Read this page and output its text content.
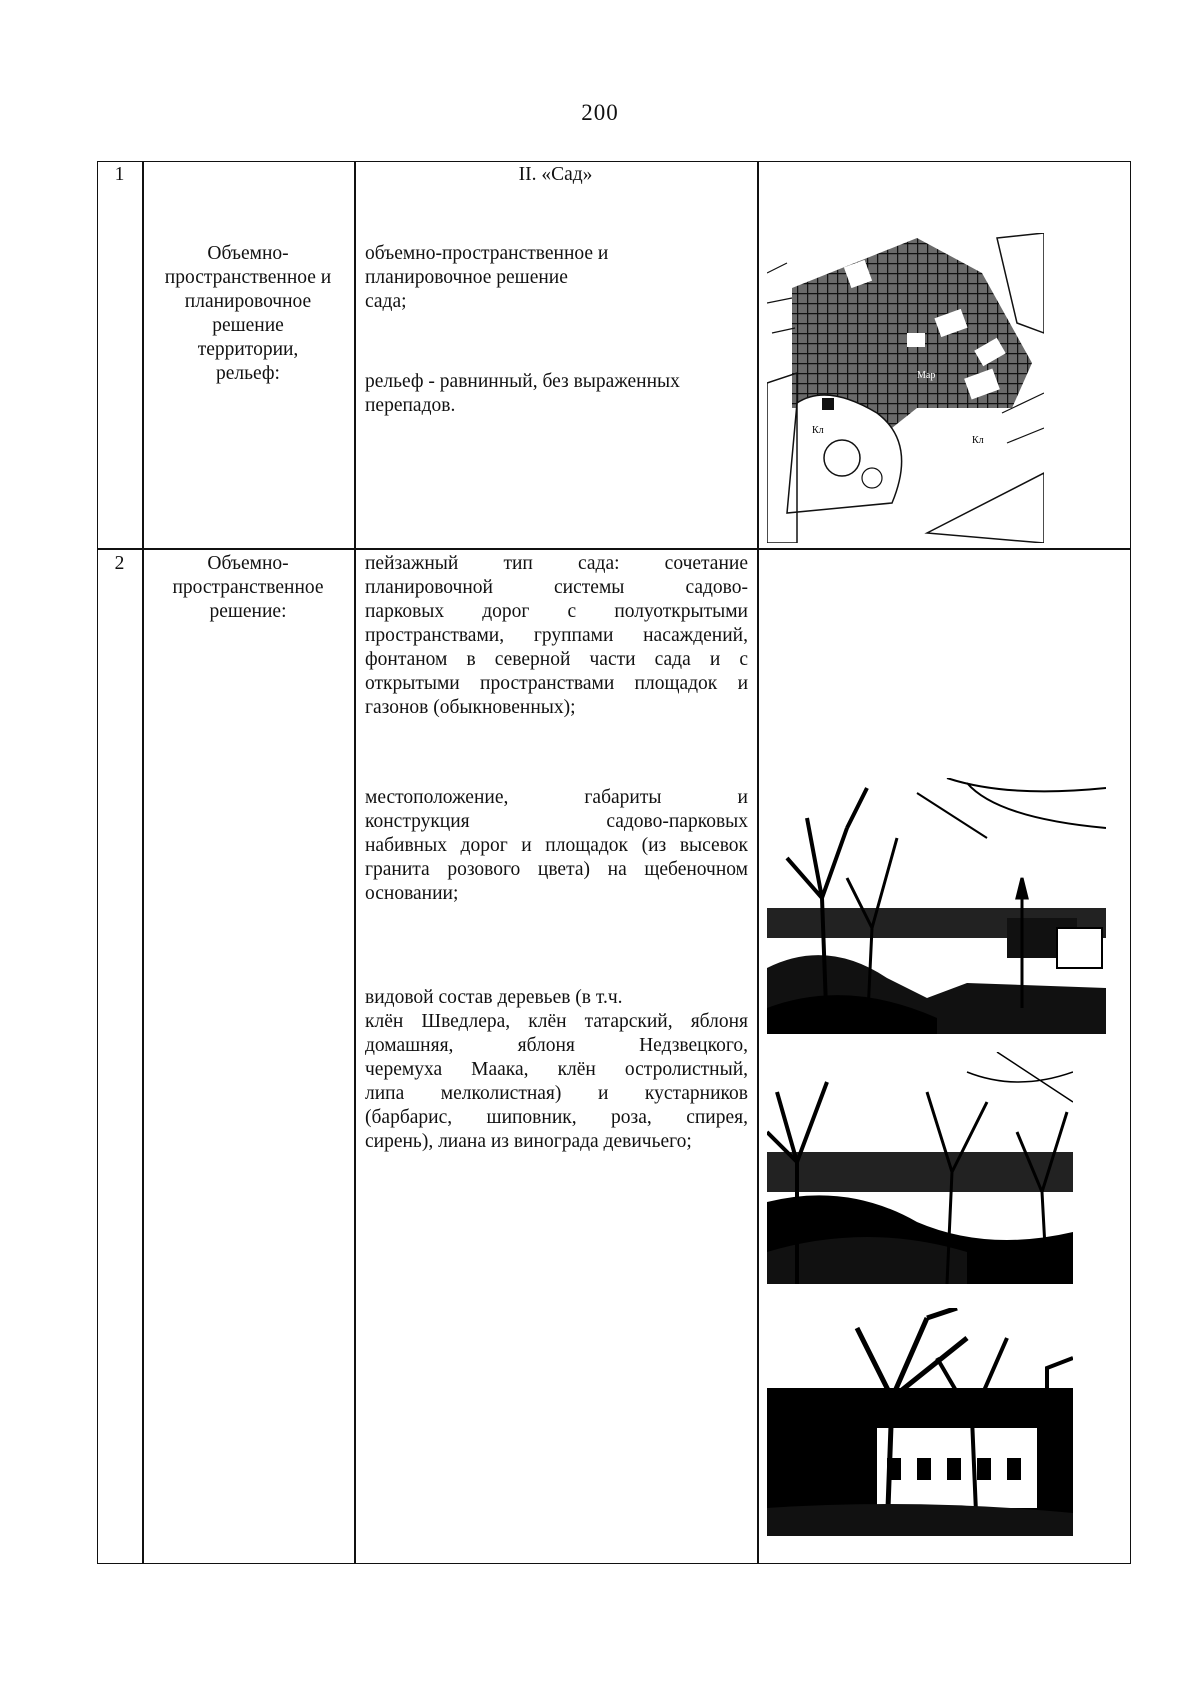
200
1	II. «Сад»
Объемно-
пространственное и
планировочное
решение
территории,
рельеф:
объемно-пространственное и
планировочное решение
сада;
рельеф - равнинный, без выраженных
перепадов.
Кл
Кл
Кл
Мар
2	Объемно-
пространственное
решение:
пейзажный тип сада: сочетание
планировочной системы садово-
парковых дорог с полуоткрытыми
пространствами, группами насаждений,
фонтаном в северной части сада и с
открытыми пространствами площадок и
газонов (обыкновенных);
местоположение, габариты и
конструкция садово-парковых
набивных дорог и площадок (из высевок
гранита розового цвета) на щебеночном
основании;
видовой состав деревьев (в т.ч.
клён Шведлера, клён татарский, яблоня
домашняя, яблоня Недзвецкого,
черемуха Маака, клён остролистный,
липа мелколистная) и кустарников
(барбарис, шиповник, роза, спирея,
сирень), лиана из винограда девичьего;
